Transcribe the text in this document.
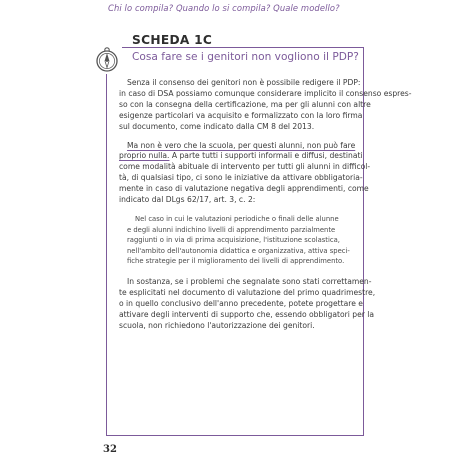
Chi lo compila? Quando lo si compila? Quale modello?
SCHEDA 1C
Cosa fare se i genitori non vogliono il PDP?

Senza il consenso dei genitori non è possibile redigere il PDP:
in caso di DSA possiamo comunque considerare implicito il consenso espres-
so con la consegna della certificazione, ma per gli alunni con altre
esigenze particolari va acquisito e formalizzato con la loro firma
sul documento, come indicato dalla CM 8 del 2013.

Ma non è vero che la scuola, per questi alunni, non può fare
proprio nulla. A parte tutti i supporti informali e diffusi, destinati
come modalità abituale di intervento per tutti gli alunni in difficol-
tà, di qualsiasi tipo, ci sono le iniziative da attivare obbligatoria-
mente in caso di valutazione negativa degli apprendimenti, come
indicato dal DLgs 62/17, art. 3, c. 2:

Nel caso in cui le valutazioni periodiche o finali delle alunne
e degli alunni indichino livelli di apprendimento parzialmente
raggiunti o in via di prima acquisizione, l'istituzione scolastica,
nell'ambito dell'autonomia didattica e organizzativa, attiva speci-
fiche strategie per il miglioramento dei livelli di apprendimento.

In sostanza, se i problemi che segnalate sono stati correttamen-
te esplicitati nel documento di valutazione del primo quadrimestre,
o in quello conclusivo dell'anno precedente, potete progettare e
attivare degli interventi di supporto che, essendo obbligatori per la
scuola, non richiedono l'autorizzazione dei genitori.

32
